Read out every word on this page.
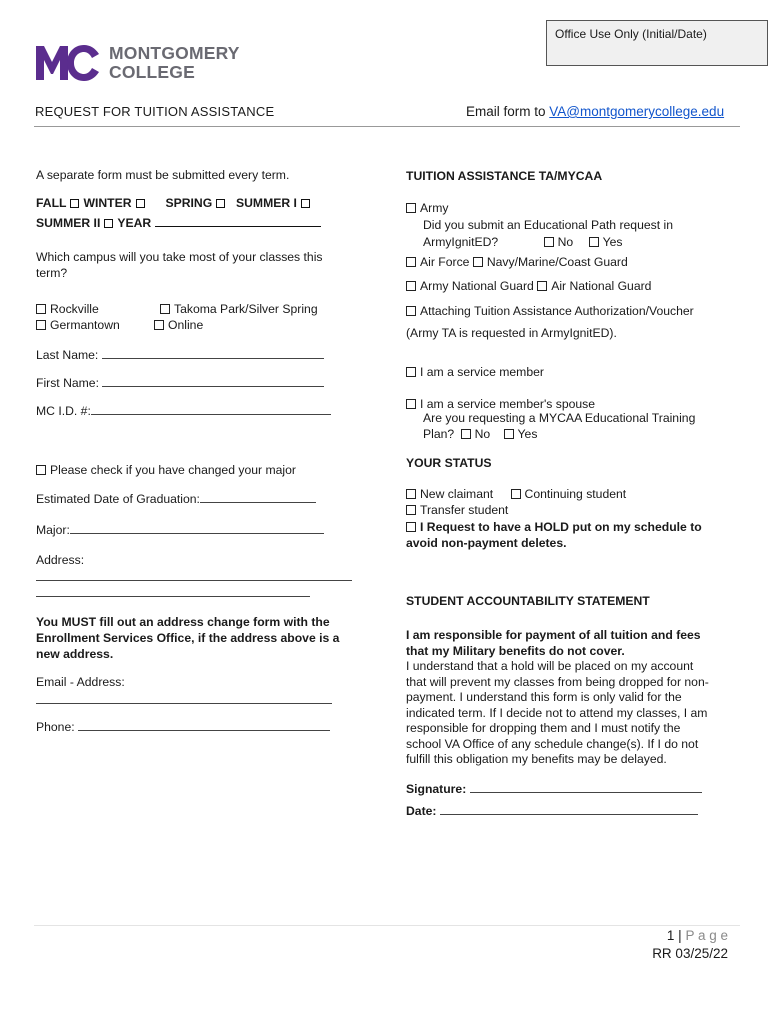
Office Use Only (Initial/Date)
MONTGOMERY
COLLEGE
REQUEST FOR TUITION ASSISTANCE	Email form to VA@montgomerycollege.edu
A separate form must be submitted every term.
FALL WINTER	SPRING SUMMER I
SUMMER II YEAR
Which campus will you take most of your classes this
term?
Rockville	Takoma Park/Silver Spring
Germantown	Online
Last Name:
First Name:
MC I.D. #:
Please check if you have changed your major
Estimated Date of Graduation:
Major:
Address:
You MUST fill out an address change form with the
Enrollment Services Office, if the address above is a
new address.
Email - Address:
Phone:
TUITION ASSISTANCE TA/MYCAA
Army
Did you submit an Educational Path request in
ArmyIgnitED?	No Yes
Air Force Navy/Marine/Coast Guard
Army National Guard Air National Guard
Attaching Tuition Assistance Authorization/Voucher
(Army TA is requested in ArmyIgnitED).
I am a service member
I am a service member's spouse
Are you requesting a MYCAA Educational Training
Plan? No Yes
YOUR STATUS
New claimant	Continuing student
Transfer student
I Request to have a HOLD put on my schedule to
avoid non-payment deletes.
STUDENT ACCOUNTABILITY STATEMENT
I am responsible for payment of all tuition and fees
that my Military benefits do not cover.
I understand that a hold will be placed on my account
that will prevent my classes from being dropped for non-
payment. I understand this form is only valid for the
indicated term. If I decide not to attend my classes, I am
responsible for dropping them and I must notify the
school VA Office of any schedule change(s). If I do not
fulfill this obligation my benefits may be delayed.
Signature:
Date:
1 | P a g e
RR 03/25/22
